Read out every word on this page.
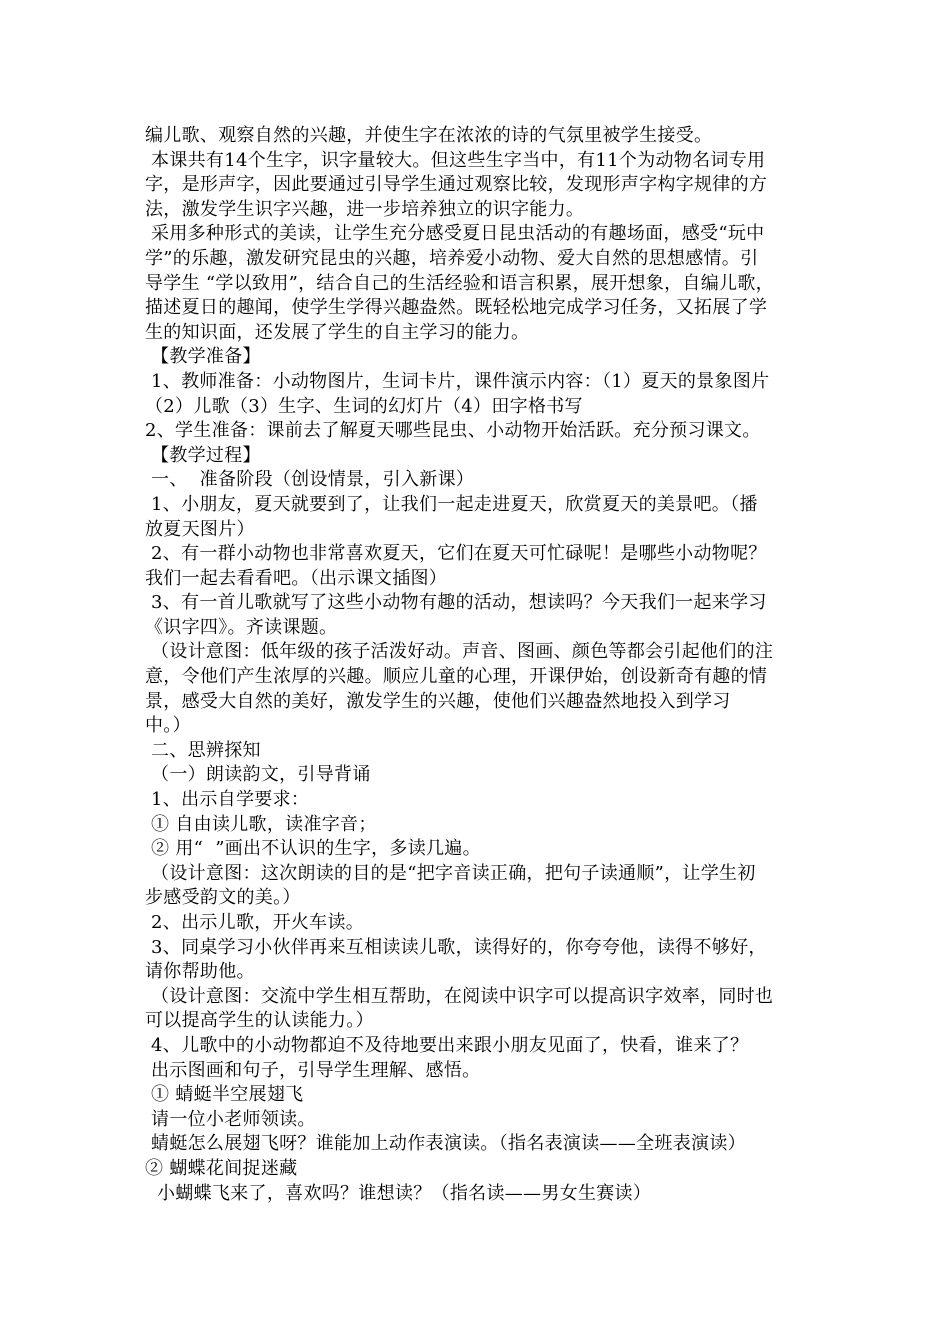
编儿歌、观察自然的兴趣，并使生字在浓浓的诗的气氛里被学生接受。
本课共有14个生字，识字量较大。但这些生字当中，有11个为动物名词专用
字，是形声字，因此要通过引导学生通过观察比较，发现形声字构字规律的方
法，激发学生识字兴趣，进一步培养独立的识字能力。
采用多种形式的美读，让学生充分感受夏日昆虫活动的有趣场面，感受“玩中
学”的乐趣，激发研究昆虫的兴趣，培养爱小动物、爱大自然的思想感情。引
导学生 “学以致用”，结合自己的生活经验和语言积累，展开想象，自编儿歌，
描述夏日的趣闻，使学生学得兴趣盎然。既轻松地完成学习任务，又拓展了学
生的知识面，还发展了学生的自主学习的能力。
【教学准备】
1、教师准备：小动物图片，生词卡片，课件演示内容：（1）夏天的景象图片
（2）儿歌（3）生字、生词的幻灯片（4）田字格书写
2、学生准备：课前去了解夏天哪些昆虫、小动物开始活跃。充分预习课文。
【教学过程】
一、  准备阶段（创设情景，引入新课）
1、小朋友，夏天就要到了，让我们一起走进夏天，欣赏夏天的美景吧。（播
放夏天图片）
2、有一群小动物也非常喜欢夏天，它们在夏天可忙碌呢！是哪些小动物呢？
我们一起去看看吧。（出示课文插图）
3、有一首儿歌就写了这些小动物有趣的活动，想读吗？今天我们一起来学习
《识字四》。齐读课题。
（设计意图：低年级的孩子活泼好动。声音、图画、颜色等都会引起他们的注
意，令他们产生浓厚的兴趣。顺应儿童的心理，开课伊始，创设新奇有趣的情
景，感受大自然的美好，激发学生的兴趣，使他们兴趣盎然地投入到学习
中。）
二、思辨探知
（一）朗读韵文，引导背诵
1、出示自学要求：
① 自由读儿歌，读准字音；
② 用“  ”画出不认识的生字，多读几遍。
（设计意图：这次朗读的目的是“把字音读正确，把句子读通顺”，让学生初
步感受韵文的美。）
2、出示儿歌，开火车读。
3、同桌学习小伙伴再来互相读读儿歌，读得好的，你夸夸他，读得不够好，
请你帮助他。
（设计意图：交流中学生相互帮助，在阅读中识字可以提高识字效率，同时也
可以提高学生的认读能力。）
4、儿歌中的小动物都迫不及待地要出来跟小朋友见面了，快看，谁来了？
出示图画和句子，引导学生理解、感悟。
① 蜻蜓半空展翅飞
请一位小老师领读。
蜻蜓怎么展翅飞呀？谁能加上动作表演读。（指名表演读——全班表演读）
② 蝴蝶花间捉迷藏
小蝴蝶飞来了，喜欢吗？谁想读？（指名读——男女生赛读）
